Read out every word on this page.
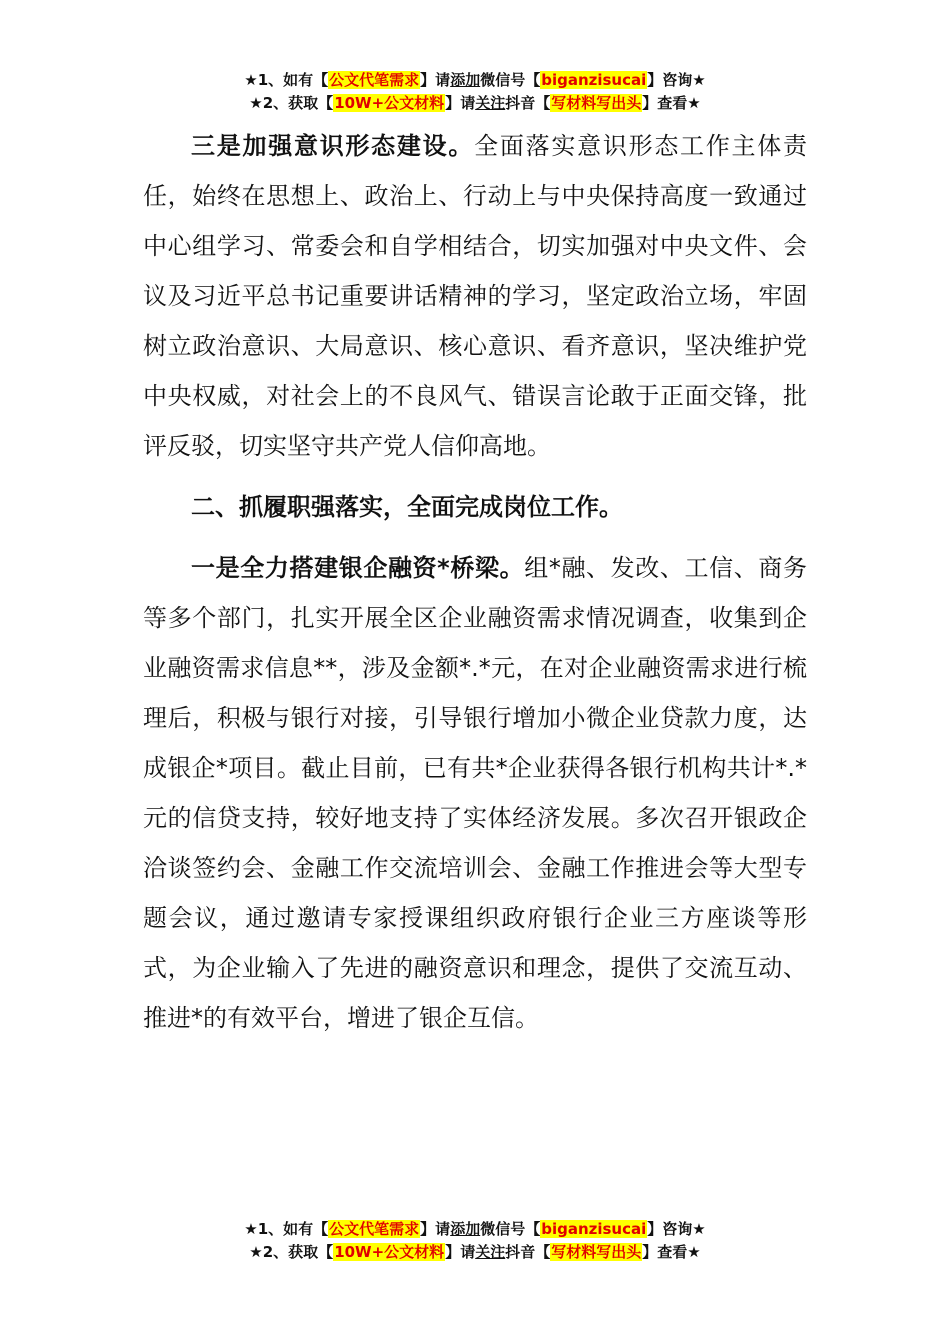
★1、如有【公文代笔需求】请添加微信号【biganzisucai】咨询★
★2、获取【10W+公文材料】请关注抖音【写材料写出头】查看★

三是加强意识形态建设。全面落实意识形态工作主体责任，始终在思想上、政治上、行动上与中央保持高度一致通过中心组学习、常委会和自学相结合，切实加强对中央文件、会议及习近平总书记重要讲话精神的学习，坚定政治立场，牢固树立政治意识、大局意识、核心意识、看齐意识，坚决维护党中央权威，对社会上的不良风气、错误言论敢于正面交锋，批评反驳，切实坚守共产党人信仰高地。

二、抓履职强落实，全面完成岗位工作。

一是全力搭建银企融资*桥梁。组*融、发改、工信、商务等多个部门，扎实开展全区企业融资需求情况调查，收集到企业融资需求信息**，涉及金额*.*元，在对企业融资需求进行梳理后，积极与银行对接，引导银行增加小微企业贷款力度，达成银企*项目。截止目前，已有共*企业获得各银行机构共计*.*元的信贷支持，较好地支持了实体经济发展。多次召开银政企洽谈签约会、金融工作交流培训会、金融工作推进会等大型专题会议，通过邀请专家授课组织政府银行企业三方座谈等形式，为企业输入了先进的融资意识和理念，提供了交流互动、推进*的有效平台，增进了银企互信。

★1、如有【公文代笔需求】请添加微信号【biganzisucai】咨询★
★2、获取【10W+公文材料】请关注抖音【写材料写出头】查看★
